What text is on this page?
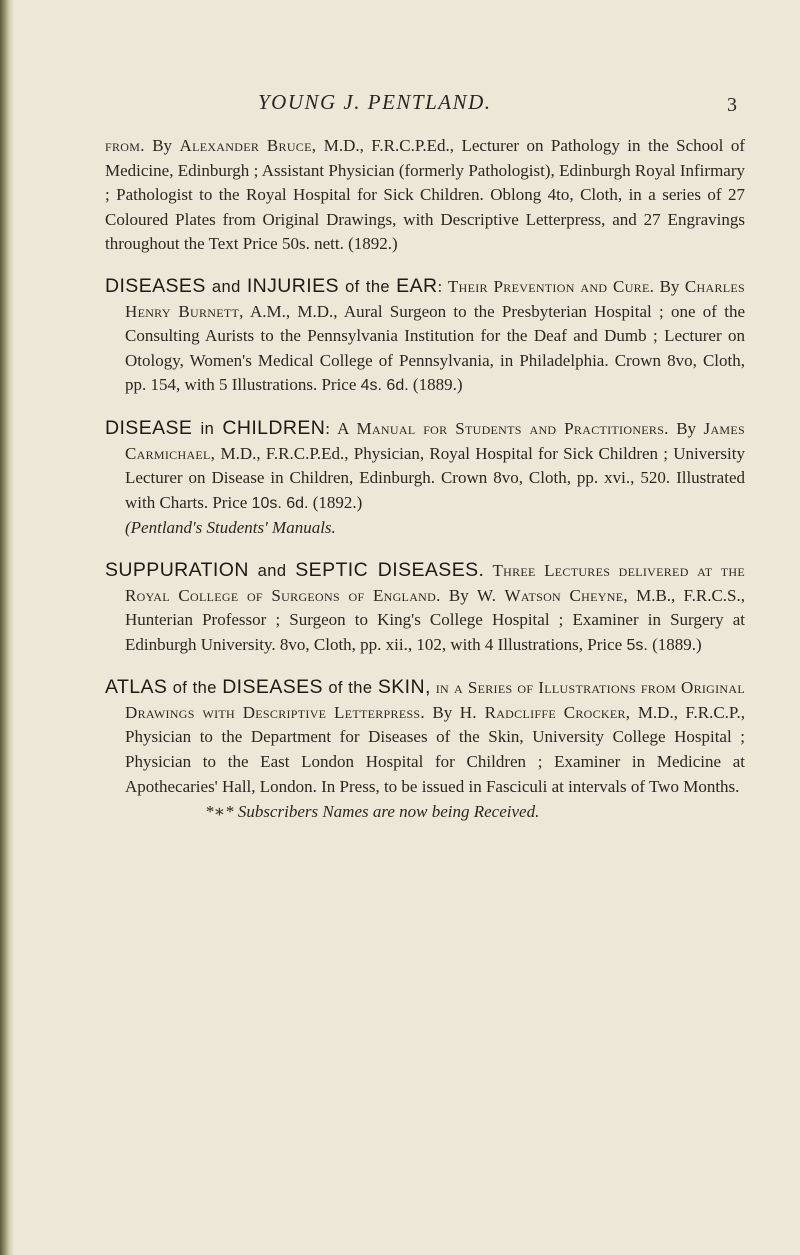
YOUNG J. PENTLAND.	3

from. By Alexander Bruce, M.D., F.R.C.P.Ed., Lecturer on Pathology in the School of Medicine, Edinburgh ; Assistant Physician (formerly Pathologist), Edinburgh Royal Infirmary ; Pathologist to the Royal Hospital for Sick Children. Oblong 4to, Cloth, in a series of 27 Coloured Plates from Original Drawings, with Descriptive Letterpress, and 27 Engravings throughout the Text Price 50s. nett. (1892.)

DISEASES and INJURIES of the EAR: Their Prevention and Cure. By Charles Henry Burnett, A.M., M.D., Aural Surgeon to the Presbyterian Hospital ; one of the Consulting Aurists to the Pennsylvania Institution for the Deaf and Dumb ; Lecturer on Otology, Women's Medical College of Pennsylvania, in Philadelphia. Crown 8vo, Cloth, pp. 154, with 5 Illustrations. Price 4s. 6d. (1889.)

DISEASE in CHILDREN: A Manual for Students and Practitioners. By James Carmichael, M.D., F.R.C.P.Ed., Physician, Royal Hospital for Sick Children ; University Lecturer on Disease in Children, Edinburgh. Crown 8vo, Cloth, pp. xvi., 520. Illustrated with Charts. Price 10s. 6d. (1892.)
(Pentland's Students' Manuals.

SUPPURATION and SEPTIC DISEASES. Three Lectures delivered at the Royal College of Surgeons of England. By W. Watson Cheyne, M.B., F.R.C.S., Hunterian Professor ; Surgeon to King's College Hospital ; Examiner in Surgery at Edinburgh University. 8vo, Cloth, pp. xii., 102, with 4 Illustrations, Price 5s. (1889.)

ATLAS of the DISEASES of the SKIN, in a Series of Illustrations from Original Drawings with Descriptive Letterpress. By H. Radcliffe Crocker, M.D., F.R.C.P., Physician to the Department for Diseases of the Skin, University College Hospital ; Physician to the East London Hospital for Children ; Examiner in Medicine at Apothecaries' Hall, London. In Press, to be issued in Fasciculi at intervals of Two Months.

*∗* Subscribers Names are now being Received.
